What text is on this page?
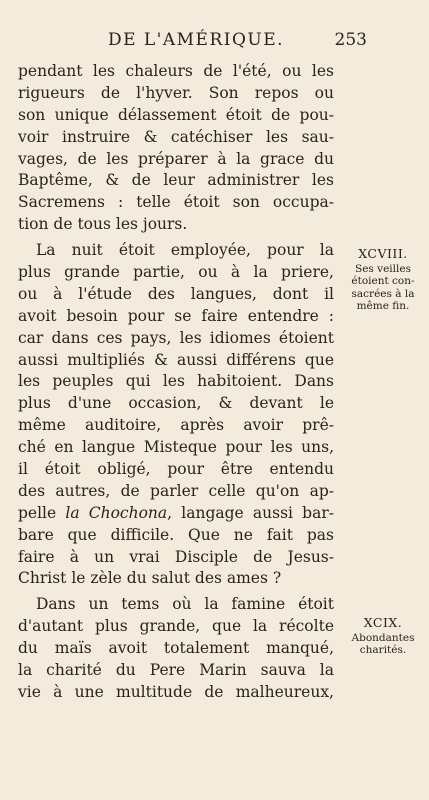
DE L'AMÉRIQUE.	253
pendant les chaleurs de l'été, ou les
rigueurs de l'hyver. Son repos ou
son unique délassement étoit de pou-
voir instruire & catéchiser les sau-
vages, de les préparer à la grace du
Baptême, & de leur administrer les
Sacremens : telle étoit son occupa-
tion de tous les jours.
La nuit étoit employée, pour la
plus grande partie, ou à la priere,
ou à l'étude des langues, dont il
avoit besoin pour se faire entendre :
car dans ces pays, les idiomes étoient
aussi multipliés & aussi différens que
les peuples qui les habitoient. Dans
plus d'une occasion, & devant le
même auditoire, après avoir prê-
ché en langue Misteque pour les uns,
il étoit obligé, pour être entendu
des autres, de parler celle qu'on ap-
pelle la Chochona, langage aussi bar-
bare que difficile. Que ne fait pas
faire à un vrai Disciple de Jesus-
Christ le zèle du salut des ames ?
Dans un tems où la famine étoit
d'autant plus grande, que la récolte
du maïs avoit totalement manqué,
la charité du Pere Marin sauva la
vie à une multitude de malheureux,
XCVIII.
Ses veilles
étoient con-
sacrées à la
même fin.
XCIX.
Abondantes
charités.
